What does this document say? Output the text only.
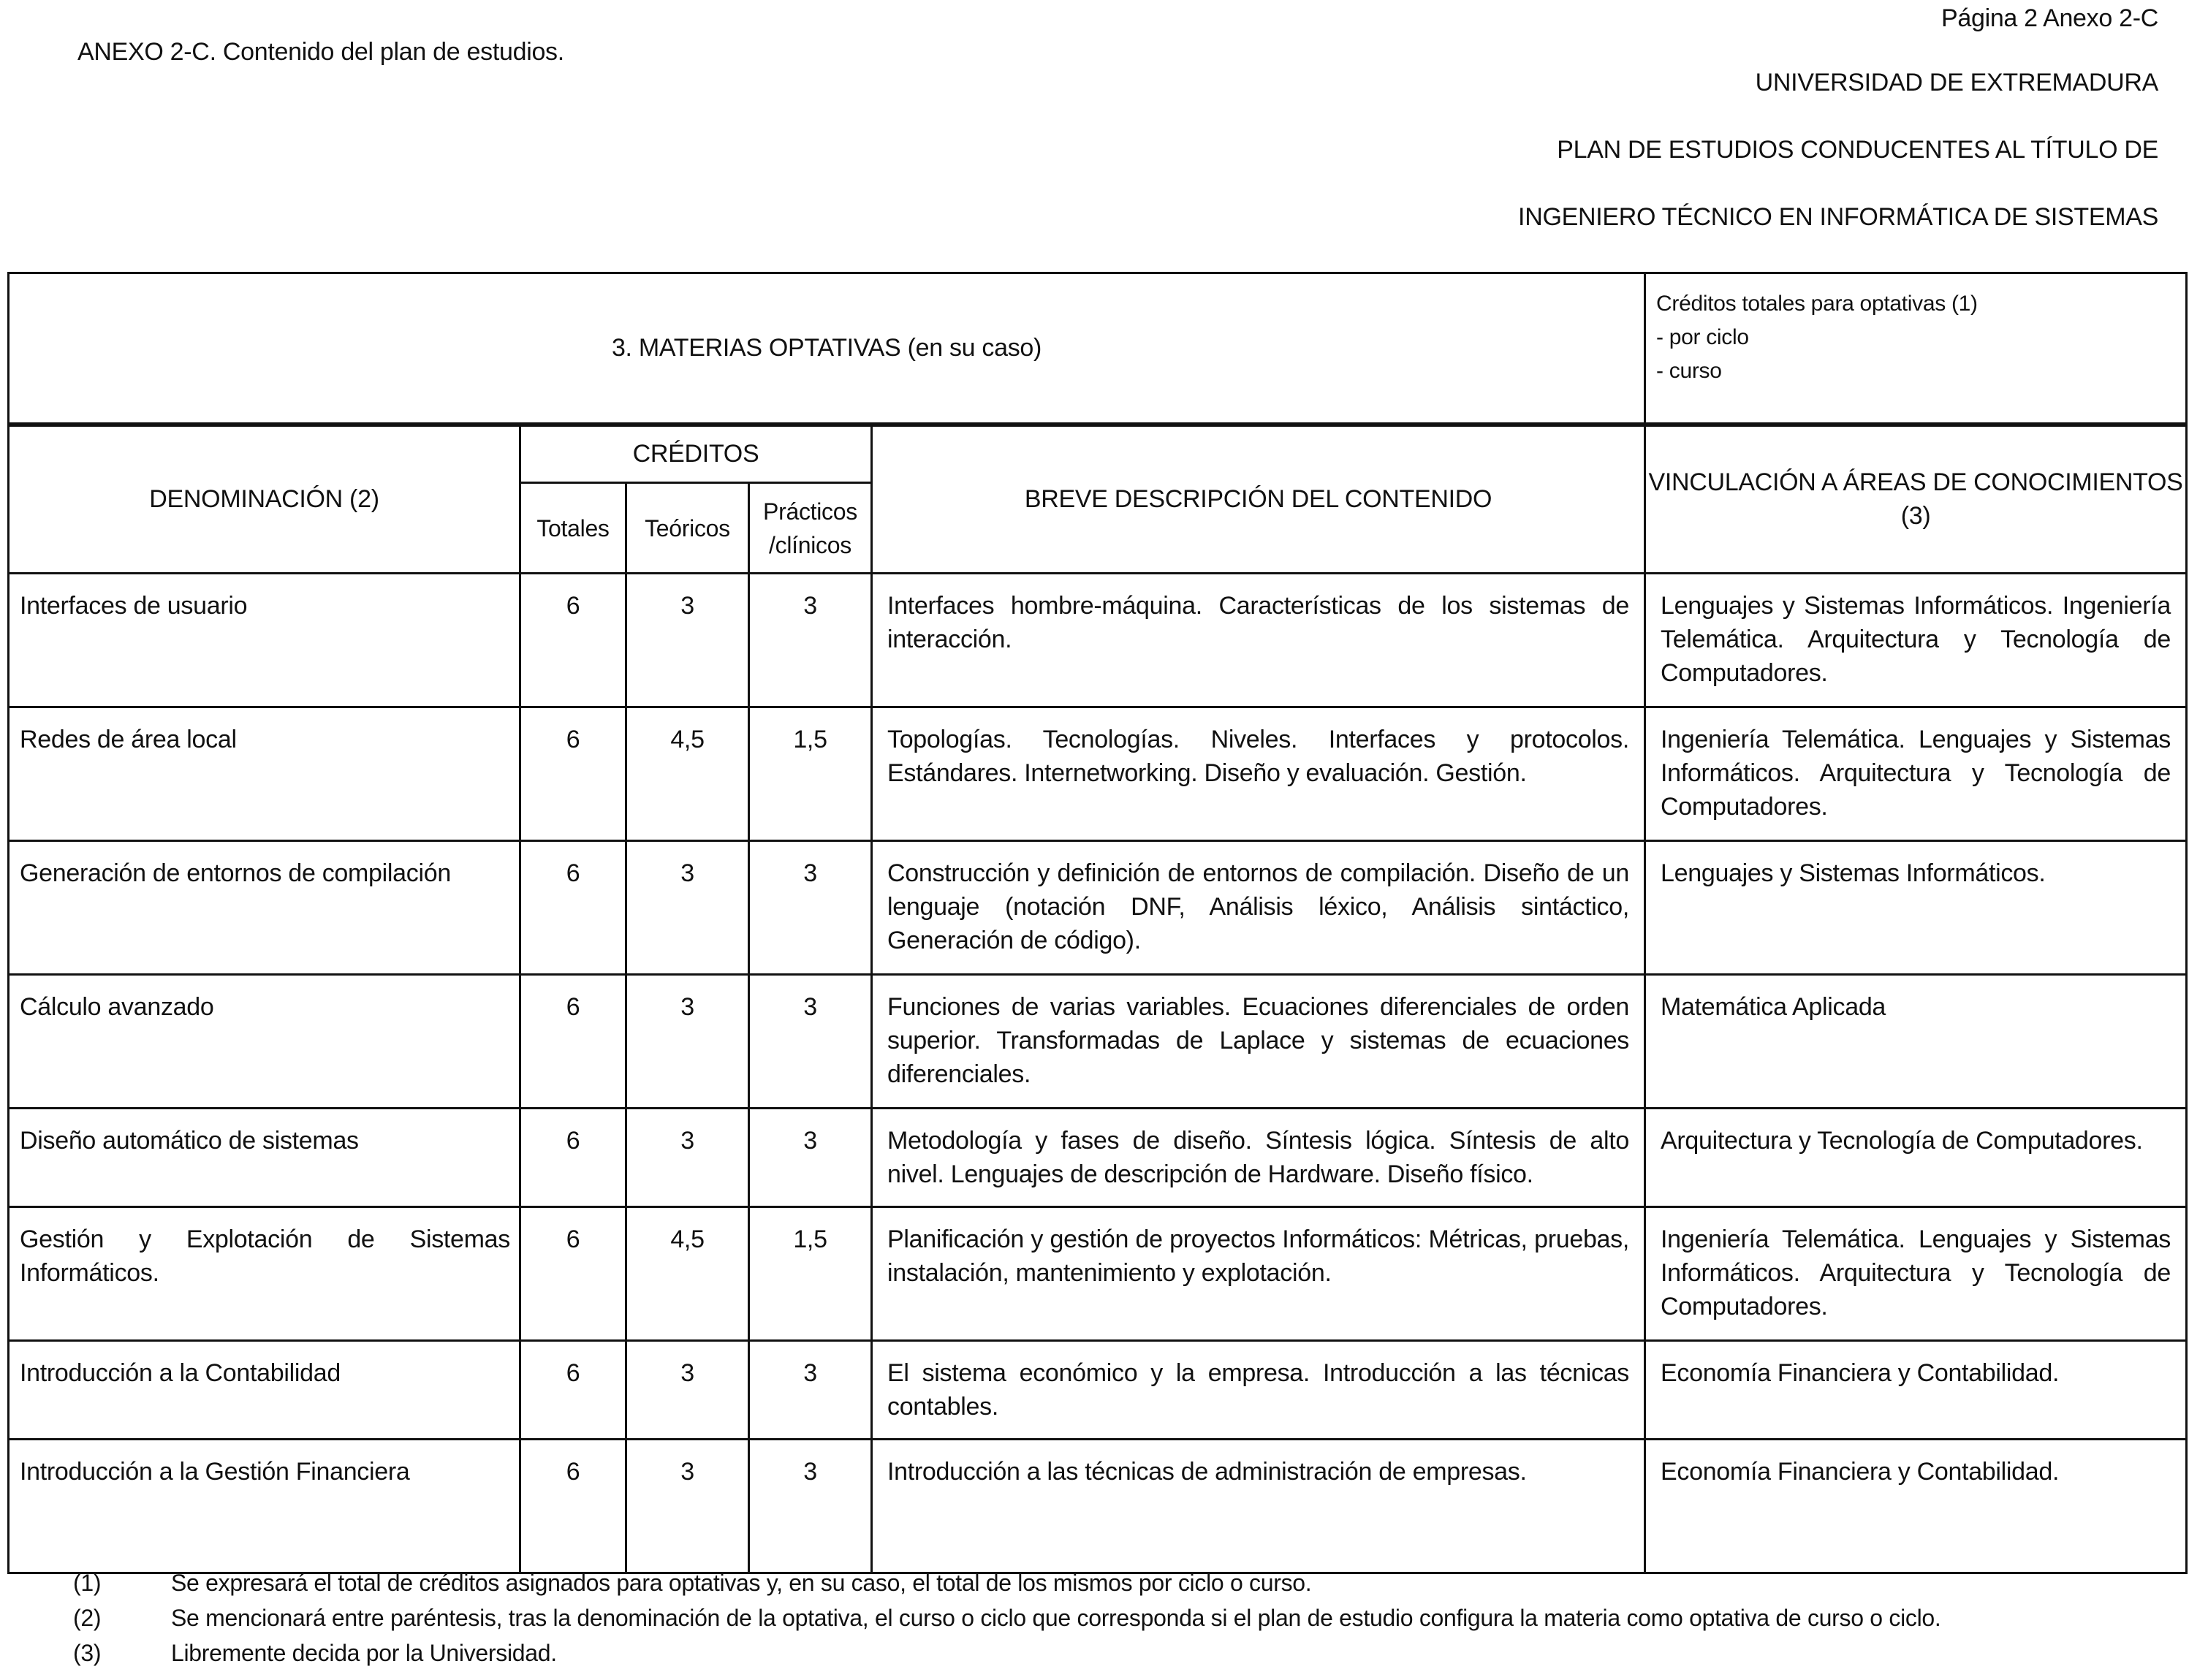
ANEXO 2-C. Contenido del plan de estudios.
Página 2 Anexo 2-C
UNIVERSIDAD DE EXTREMADURA
PLAN DE ESTUDIOS CONDUCENTES AL TÍTULO DE
INGENIERO TÉCNICO EN INFORMÁTICA DE SISTEMAS
3. MATERIAS OPTATIVAS (en su caso)					Créditos totales para optativas (1)
- por ciclo
- curso

DENOMINACIÓN (2)	CRÉDITOS			BREVE DESCRIPCIÓN DEL CONTENIDO	VINCULACIÓN A ÁREAS DE CONOCIMIENTOS (3)
	Totales	Teóricos	Prácticos /clínicos		
Interfaces de usuario	6	3	3	Interfaces hombre-máquina. Características de los sistemas de interacción.	Lenguajes y Sistemas Informáticos. Ingeniería Telemática. Arquitectura y Tecnología de Computadores.
Redes de área local	6	4,5	1,5	Topologías. Tecnologías. Niveles. Interfaces y protocolos. Estándares. Internetworking. Diseño y evaluación. Gestión.	Ingeniería Telemática. Lenguajes y Sistemas Informáticos. Arquitectura y Tecnología de Computadores.
Generación de entornos de compilación	6	3	3	Construcción y definición de entornos de compilación. Diseño de un lenguaje (notación DNF, Análisis léxico, Análisis sintáctico, Generación de código).	Lenguajes y Sistemas Informáticos.
Cálculo avanzado	6	3	3	Funciones de varias variables. Ecuaciones diferenciales de orden superior. Transformadas de Laplace y sistemas de ecuaciones diferenciales.	Matemática Aplicada
Diseño automático de sistemas	6	3	3	Metodología y fases de diseño. Síntesis lógica. Síntesis de alto nivel. Lenguajes de descripción de Hardware. Diseño físico.	Arquitectura y Tecnología de Computadores.
Gestión y Explotación de Sistemas Informáticos.	6	4,5	1,5	Planificación y gestión de proyectos Informáticos: Métricas, pruebas, instalación, mantenimiento y explotación.	Ingeniería Telemática. Lenguajes y Sistemas Informáticos. Arquitectura y Tecnología de Computadores.
Introducción a la Contabilidad	6	3	3	El sistema económico y la empresa. Introducción a las técnicas contables.	Economía Financiera y Contabilidad.
Introducción a la Gestión Financiera	6	3	3	Introducción a las técnicas de administración de empresas.	Economía Financiera y Contabilidad.
(1)	Se expresará el total de créditos asignados para optativas y, en su caso, el total de los mismos por ciclo o curso.
(2)	Se mencionará entre paréntesis, tras la denominación de la optativa, el curso o ciclo que corresponda si el plan de estudio configura la materia como optativa de curso o ciclo.
(3)	Libremente decida por la Universidad.
